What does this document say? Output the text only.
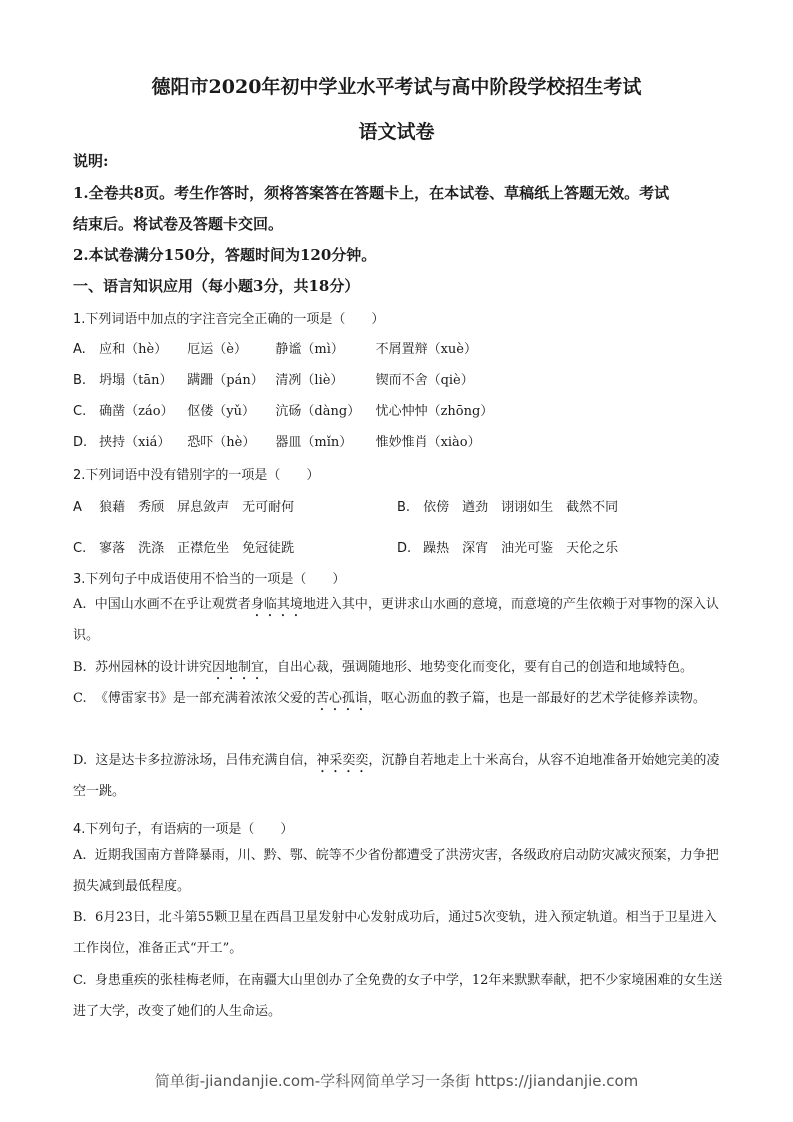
德阳市2020年初中学业水平考试与高中阶段学校招生考试
语文试卷
说明:
1.全卷共8页。考生作答时，须将答案答在答题卡上，在本试卷、草稿纸上答题无效。考试
结束后。将试卷及答题卡交回。
2.本试卷满分150分，答题时间为120分钟。
一、语言知识应用（每小题3分，共18分）
1.下列词语中加点的字注音完全正确的一项是（　　）
A. 应和（hè） 厄运（è） 静谧（mì） 不屑置辩（xuè）
B. 坍塌（tān） 蹒跚（pán） 清冽（liè） 锲而不舍（qiè）
C. 确凿（záo） 伛偻（yǔ） 沆砀（dàng） 忧心忡忡（zhōng）
D. 挟持（xiá） 恐吓（hè） 器皿（mǐn） 惟妙惟肖（xiào）
2.下列词语中没有错别字的一项是（　　）
A 狼藉　秀颀　屏息敛声　无可耐何	B. 依傍　遒劲　诩诩如生　截然不同
C. 寥落　洗涤　正襟危坐　免冠徒跣	D. 躁热　深宵　油光可鉴　天伦之乐
3.下列句子中成语使用不恰当的一项是（　　）
A. 中国山水画不在乎让观赏者身临其境地进入其中，更讲求山水画的意境，而意境的产生依赖于对事物的深入认识。
B. 苏州园林的设计讲究因地制宜，自出心裁，强调随地形、地势变化而变化，要有自己的创造和地域特色。
C. 《傅雷家书》是一部充满着浓浓父爱的苦心孤诣，呕心沥血的教子篇，也是一部最好的艺术学徒修养读物。
D. 这是达卡多拉游泳场，吕伟充满自信，神采奕奕，沉静自若地走上十米高台，从容不迫地准备开始她完美的凌空一跳。
4.下列句子，有语病的一项是（　　）
A. 近期我国南方普降暴雨，川、黔、鄂、皖等不少省份都遭受了洪涝灾害，各级政府启动防灾减灾预案，力争把损失减到最低程度。
B. 6月23日，北斗第55颗卫星在西昌卫星发射中心发射成功后，通过5次变轨，进入预定轨道。相当于卫星进入工作岗位，准备正式“开工”。
C. 身患重疾的张桂梅老师，在南疆大山里创办了全免费的女子中学，12年来默默奉献，把不少家境困难的女生送进了大学，改变了她们的人生命运。
简单街-jiandanjie.com-学科网简单学习一条街 https://jiandanjie.com
